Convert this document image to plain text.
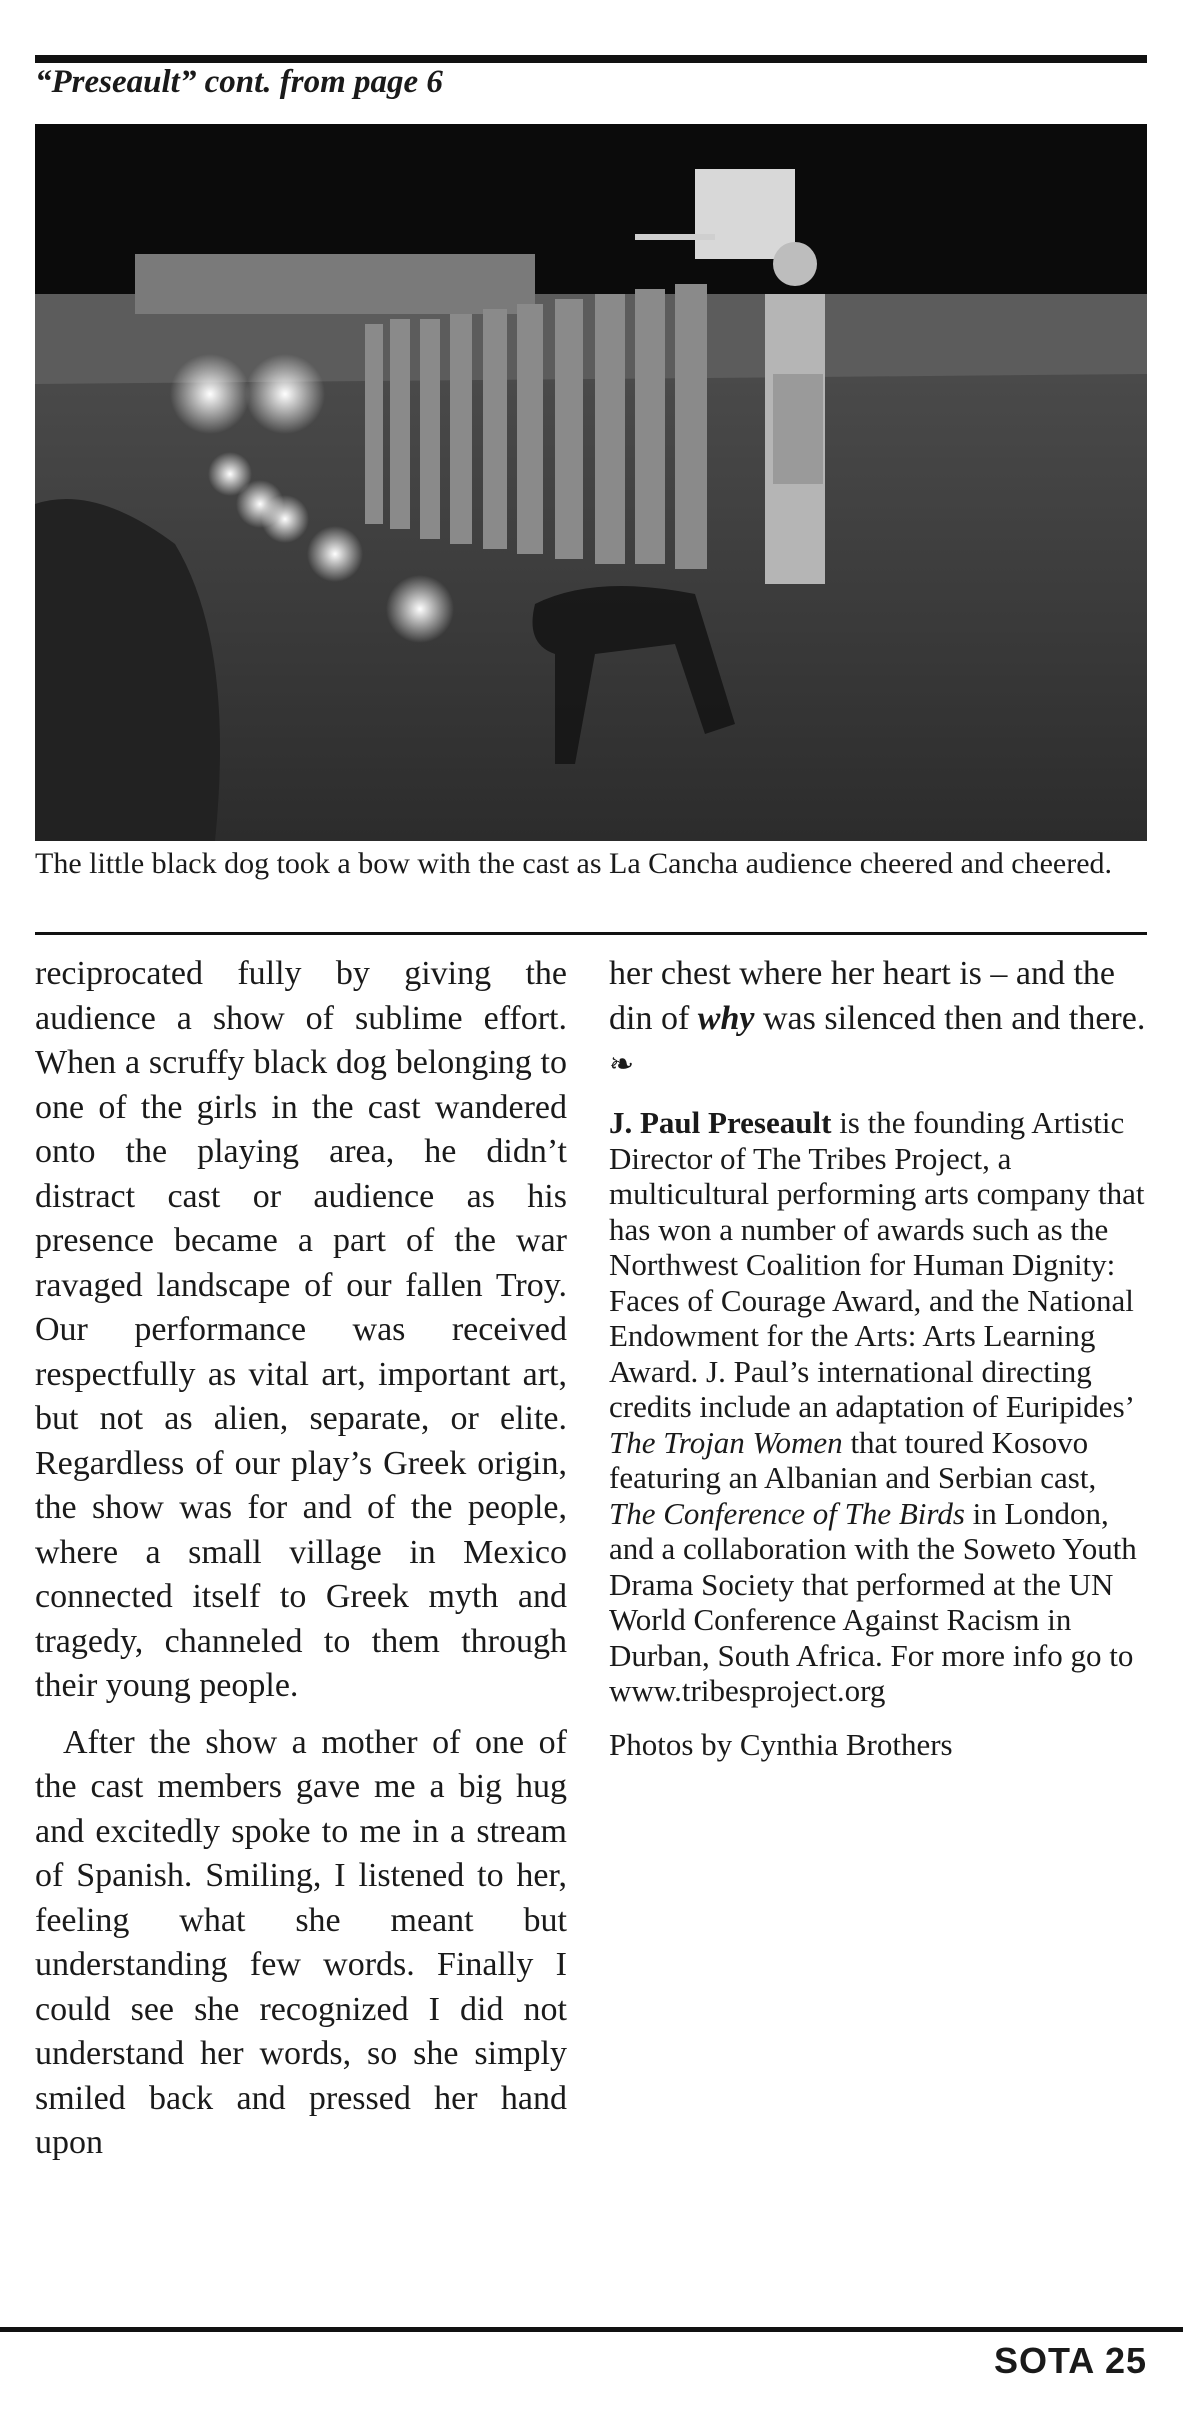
“Preseault” cont. from page 6
The little black dog took a bow with the cast as La Cancha audience cheered and cheered.

reciprocated fully by giving the audience a show of sublime effort. When a scruffy black dog belonging to one of the girls in the cast wandered onto the playing area, he didn’t distract cast or audience as his presence became a part of the war ravaged landscape of our fallen Troy. Our performance was received respectfully as vital art, important art, but not as alien, separate, or elite. Regardless of our play’s Greek origin, the show was for and of the people, where a small village in Mexico connected itself to Greek myth and tragedy, channeled to them through their young people.

After the show a mother of one of the cast members gave me a big hug and excitedly spoke to me in a stream of Spanish. Smiling, I listened to her, feeling what she meant but understanding few words. Finally I could see she recognized I did not understand her words, so she simply smiled back and pressed her hand upon

her chest where her heart is – and the din of why was silenced then and there. ❧

J. Paul Preseault is the founding Artistic Director of The Tribes Project, a multicultural performing arts company that has won a number of awards such as the Northwest Coalition for Human Dignity: Faces of Courage Award, and the National Endowment for the Arts: Arts Learning Award. J. Paul’s international directing credits include an adaptation of Euripides’ The Trojan Women that toured Kosovo featuring an Albanian and Serbian cast, The Conference of The Birds in London, and a collaboration with the Soweto Youth Drama Society that performed at the UN World Conference Against Racism in Durban, South Africa. For more info go to www.tribesproject.org

Photos by Cynthia Brothers

SOTA 25
